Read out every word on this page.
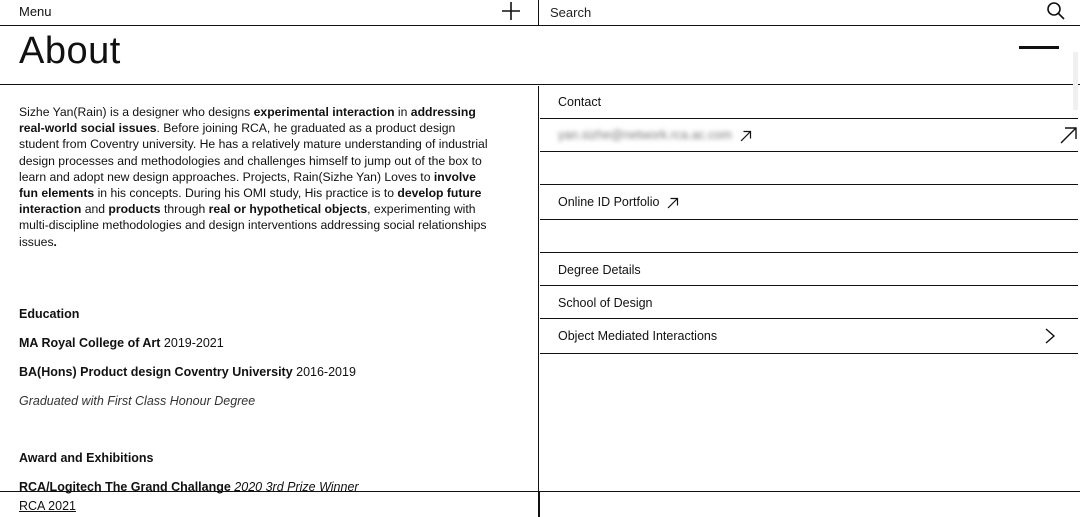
Menu
Search
About

Sizhe Yan(Rain) is a designer who designs experimental interaction in addressing real-world social issues. Before joining RCA, he graduated as a product design student from Coventry university. He has a relatively mature understanding of industrial design processes and methodologies and challenges himself to jump out of the box to learn and adopt new design approaches. Projects, Rain(Sizhe Yan) Loves to involve fun elements in his concepts. During his OMI study, His practice is to develop future interaction and products through real or hypothetical objects, experimenting with multi-discipline methodologies and design interventions addressing social relationships issues.

Education

MA Royal College of Art 2019-2021

BA(Hons) Product design Coventry University 2016-2019

Graduated with First Class Honour Degree

Award and Exhibitions

RCA/Logitech The Grand Challange 2020 3rd Prize Winner

Contact
yan.sizhe@network.rca.ac.com
Online ID Portfolio
Degree Details
School of Design
Object Mediated Interactions
RCA 2021
